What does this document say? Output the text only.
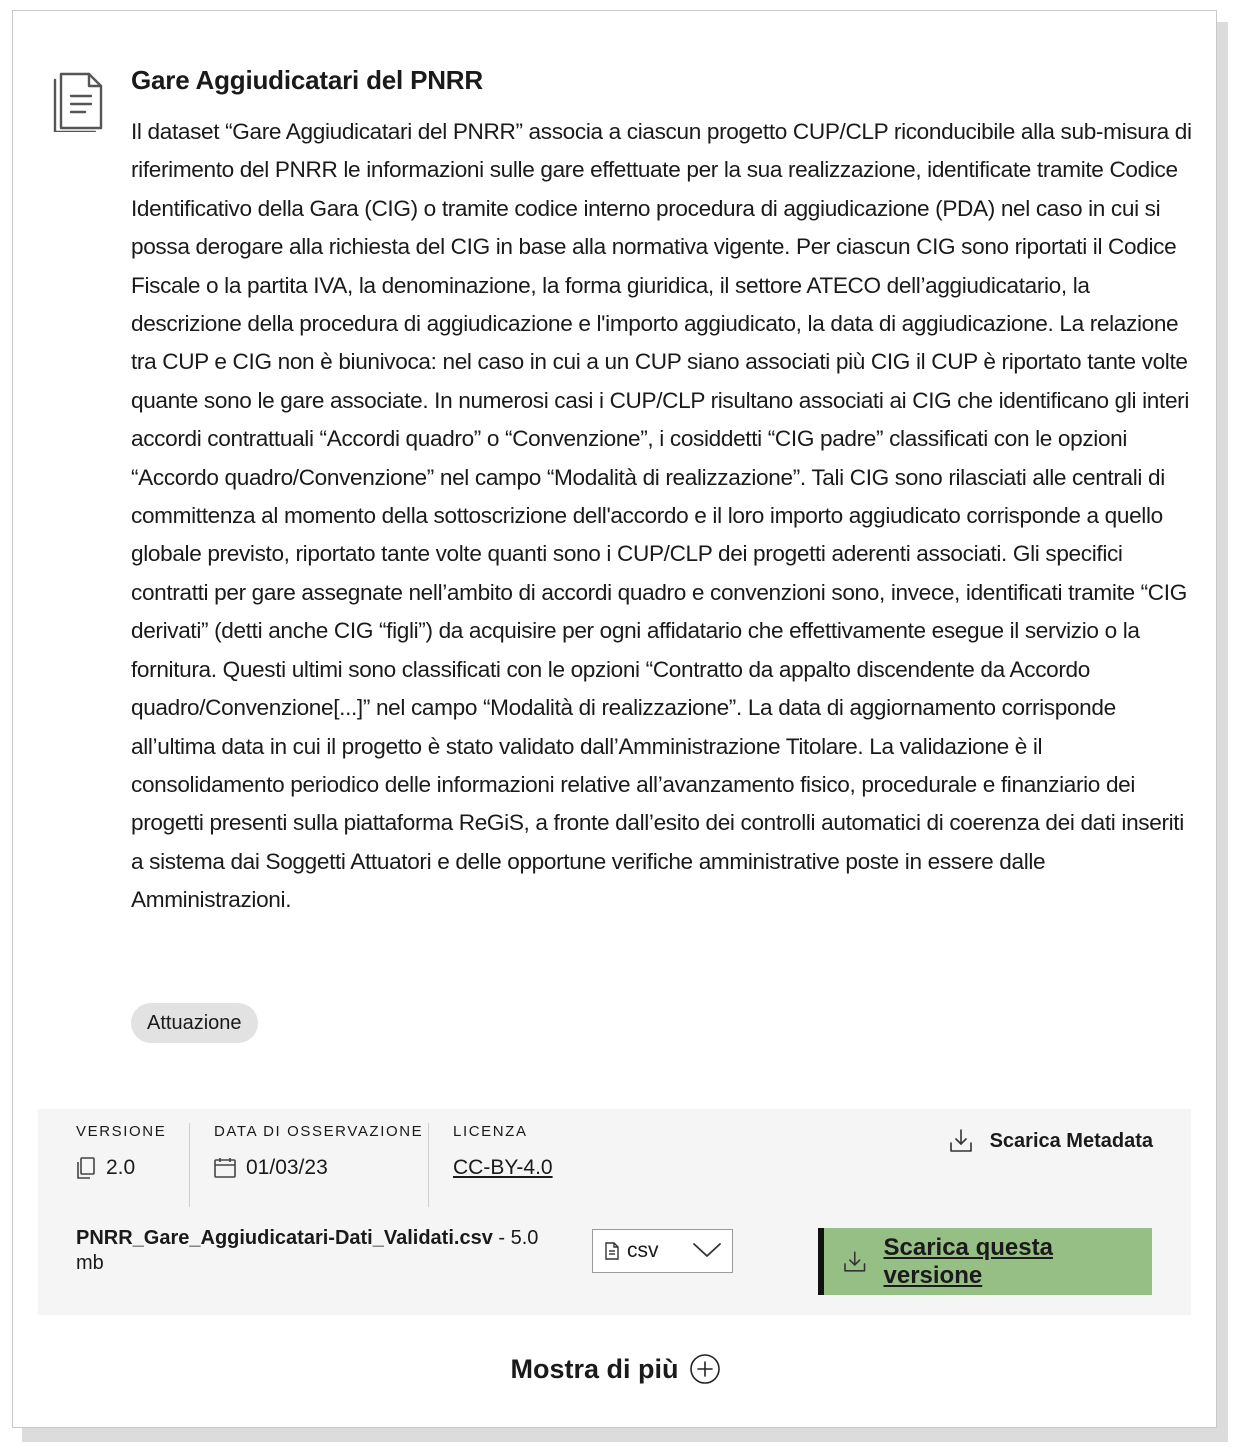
Gare Aggiudicatari del PNRR

Il dataset “Gare Aggiudicatari del PNRR” associa a ciascun progetto CUP/CLP riconducibile alla sub-misura di riferimento del PNRR le informazioni sulle gare effettuate per la sua realizzazione, identificate tramite Codice Identificativo della Gara (CIG) o tramite codice interno procedura di aggiudicazione (PDA) nel caso in cui si possa derogare alla richiesta del CIG in base alla normativa vigente. Per ciascun CIG sono riportati il Codice Fiscale o la partita IVA, la denominazione, la forma giuridica, il settore ATECO dell’aggiudicatario, la descrizione della procedura di aggiudicazione e l'importo aggiudicato, la data di aggiudicazione. La relazione tra CUP e CIG non è biunivoca: nel caso in cui a un CUP siano associati più CIG il CUP è riportato tante volte quante sono le gare associate. In numerosi casi i CUP/CLP risultano associati ai CIG che identificano gli interi accordi contrattuali “Accordi quadro” o “Convenzione”, i cosiddetti “CIG padre” classificati con le opzioni “Accordo quadro/Convenzione” nel campo “Modalità di realizzazione”. Tali CIG sono rilasciati alle centrali di committenza al momento della sottoscrizione dell'accordo e il loro importo aggiudicato corrisponde a quello globale previsto, riportato tante volte quanti sono i CUP/CLP dei progetti aderenti associati. Gli specifici contratti per gare assegnate nell’ambito di accordi quadro e convenzioni sono, invece, identificati tramite “CIG derivati” (detti anche CIG “figli”) da acquisire per ogni affidatario che effettivamente esegue il servizio o la fornitura. Questi ultimi sono classificati con le opzioni “Contratto da appalto discendente da Accordo quadro/Convenzione[...]” nel campo “Modalità di realizzazione”. La data di aggiornamento corrisponde all’ultima data in cui il progetto è stato validato dall’Amministrazione Titolare. La validazione è il consolidamento periodico delle informazioni relative all’avanzamento fisico, procedurale e finanziario dei progetti presenti sulla piattaforma ReGiS, a fronte dall’esito dei controlli automatici di coerenza dei dati inseriti a sistema dai Soggetti Attuatori e delle opportune verifiche amministrative poste in essere dalle Amministrazioni.

Attuazione
VERSIONE
2.0
DATA DI OSSERVAZIONE
01/03/23
LICENZA
CC-BY-4.0
Scarica Metadata
PNRR_Gare_Aggiudicatari-Dati_Validati.csv - 5.0 mb
csv	Scarica questa versione
Mostra di più
